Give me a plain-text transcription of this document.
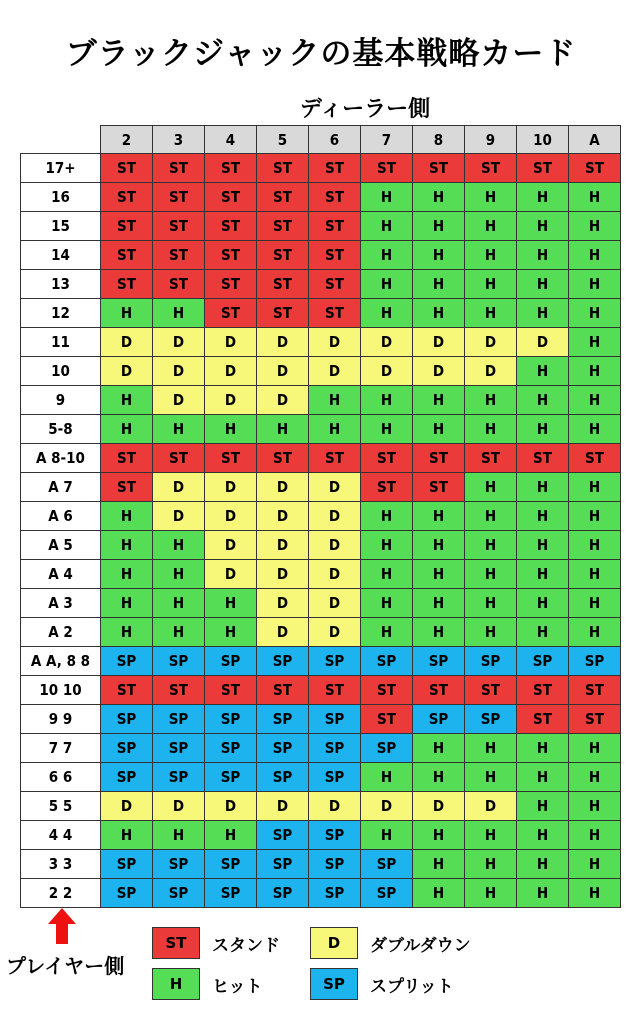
ブラックジャックの基本戦略カード
ディーラー側
	2	3	4	5	6	7	8	9	10	A
17+	ST	ST	ST	ST	ST	ST	ST	ST	ST	ST
16	ST	ST	ST	ST	ST	H	H	H	H	H
15	ST	ST	ST	ST	ST	H	H	H	H	H
14	ST	ST	ST	ST	ST	H	H	H	H	H
13	ST	ST	ST	ST	ST	H	H	H	H	H
12	H	H	ST	ST	ST	H	H	H	H	H
11	D	D	D	D	D	D	D	D	D	H
10	D	D	D	D	D	D	D	D	H	H
9	H	D	D	D	H	H	H	H	H	H
5-8	H	H	H	H	H	H	H	H	H	H
A 8-10	ST	ST	ST	ST	ST	ST	ST	ST	ST	ST
A 7	ST	D	D	D	D	ST	ST	H	H	H
A 6	H	D	D	D	D	H	H	H	H	H
A 5	H	H	D	D	D	H	H	H	H	H
A 4	H	H	D	D	D	H	H	H	H	H
A 3	H	H	H	D	D	H	H	H	H	H
A 2	H	H	H	D	D	H	H	H	H	H
A A, 8 8	SP	SP	SP	SP	SP	SP	SP	SP	SP	SP
10 10	ST	ST	ST	ST	ST	ST	ST	ST	ST	ST
9 9	SP	SP	SP	SP	SP	ST	SP	SP	ST	ST
7 7	SP	SP	SP	SP	SP	SP	H	H	H	H
6 6	SP	SP	SP	SP	SP	H	H	H	H	H
5 5	D	D	D	D	D	D	D	D	H	H
4 4	H	H	H	SP	SP	H	H	H	H	H
3 3	SP	SP	SP	SP	SP	SP	H	H	H	H
2 2	SP	SP	SP	SP	SP	SP	H	H	H	H
プレイヤー側
ST	スタンド	D	ダブルダウン
H	ヒット	SP	スプリット
